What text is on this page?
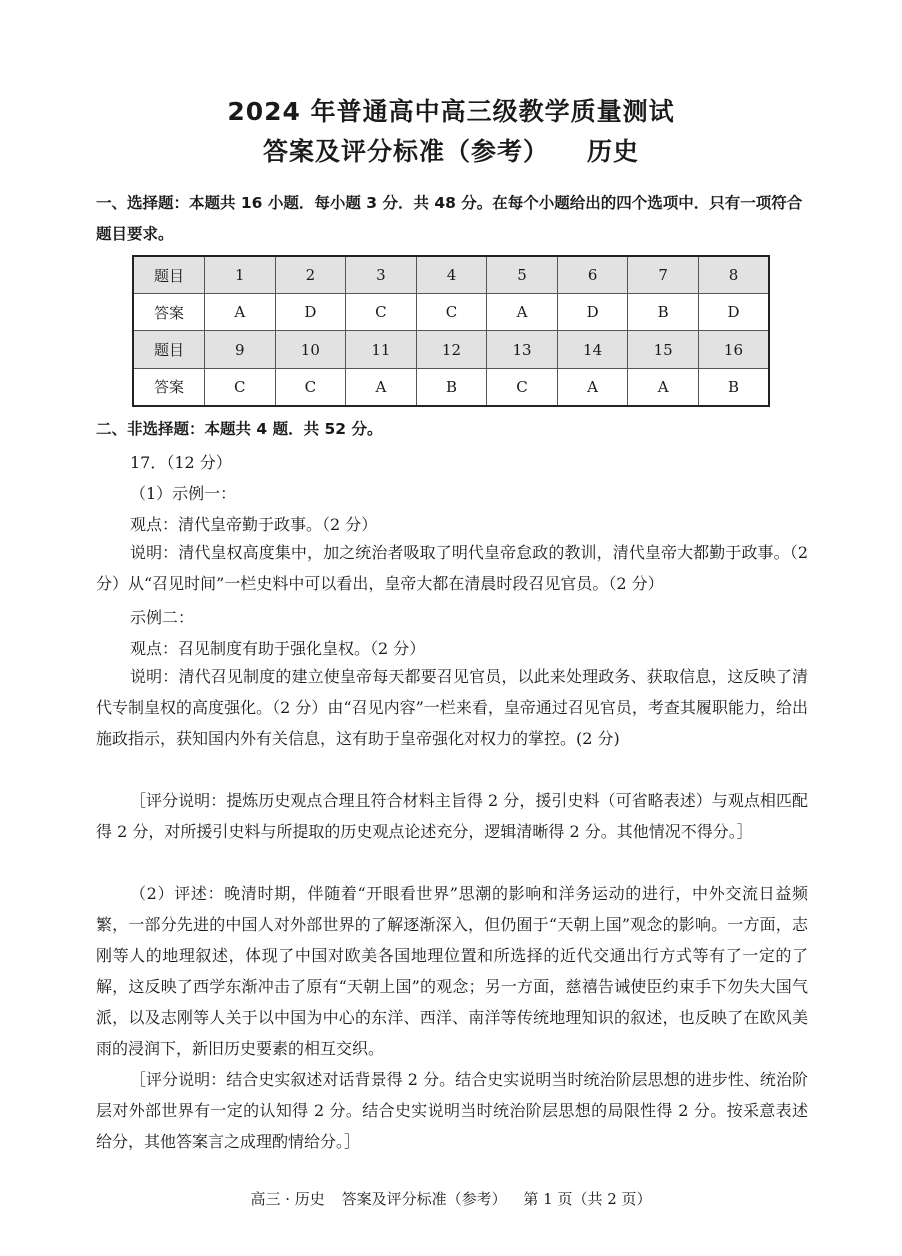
2024 年普通高中高三级教学质量测试
答案及评分标准（参考） 历史
一、选择题：本题共 16 小题．每小题 3 分．共 48 分。在每个小题给出的四个选项中．只有一项符合题目要求。
题目	1	2	3	4	5	6	7	8
答案	A	D	C	C	A	D	B	D
题目	9	10	11	12	13	14	15	16
答案	C	C	A	B	C	A	A	B
二、非选择题：本题共 4 题．共 52 分。
17．（12 分）
（1）示例一：
观点：清代皇帝勤于政事。（2 分）
说明：清代皇权高度集中，加之统治者吸取了明代皇帝怠政的教训，清代皇帝大都勤于政事。（2 分）从“召见时间”一栏史料中可以看出，皇帝大都在清晨时段召见官员。（2 分）
示例二：
观点：召见制度有助于强化皇权。（2 分）
说明：清代召见制度的建立使皇帝每天都要召见官员，以此来处理政务、获取信息，这反映了清代专制皇权的高度强化。（2 分）由“召见内容”一栏来看，皇帝通过召见官员，考查其履职能力，给出施政指示，获知国内外有关信息，这有助于皇帝强化对权力的掌控。(2 分)
［评分说明：提炼历史观点合理且符合材料主旨得 2 分，援引史料（可省略表述）与观点相匹配得 2 分，对所援引史料与所提取的历史观点论述充分，逻辑清晰得 2 分。其他情况不得分。］
（2）评述：晚清时期，伴随着“开眼看世界”思潮的影响和洋务运动的进行，中外交流日益频繁，一部分先进的中国人对外部世界的了解逐渐深入，但仍囿于“天朝上国”观念的影响。一方面，志刚等人的地理叙述，体现了中国对欧美各国地理位置和所选择的近代交通出行方式等有了一定的了解，这反映了西学东渐冲击了原有“天朝上国”的观念；另一方面，慈禧告诫使臣约束手下勿失大国气派，以及志刚等人关于以中国为中心的东洋、西洋、南洋等传统地理知识的叙述，也反映了在欧风美雨的浸润下，新旧历史要素的相互交织。
［评分说明：结合史实叙述对话背景得 2 分。结合史实说明当时统治阶层思想的进步性、统治阶层对外部世界有一定的认知得 2 分。结合史实说明当时统治阶层思想的局限性得 2 分。按采意表述给分，其他答案言之成理酌情给分。］
高三 · 历史 答案及评分标准（参考） 第 1 页（共 2 页）
